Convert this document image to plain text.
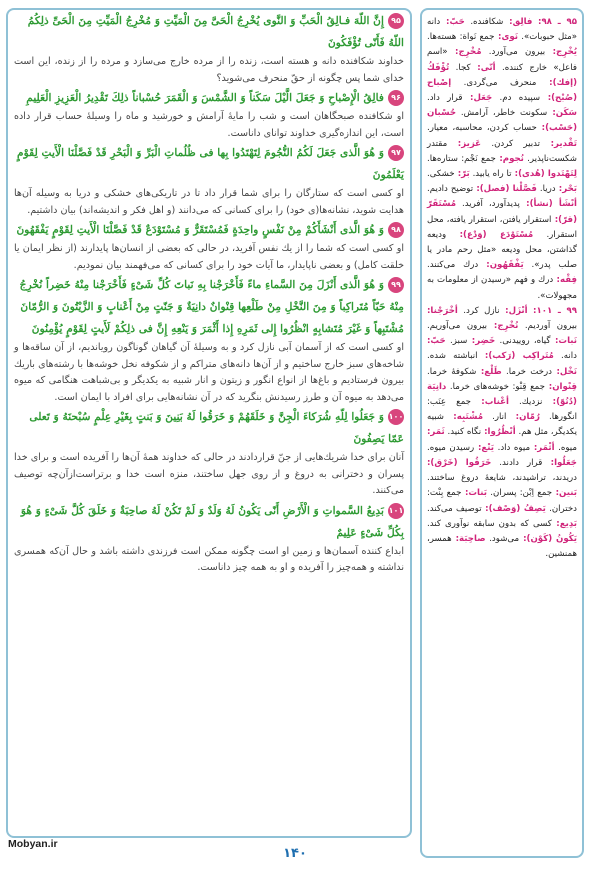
۹۵إِنَّ اللّهَ فـالِقُ الْحَبِّ وَ النَّوى يُخْرِجُ الْحَىَّ مِنَ الْمَيِّتِ وَ مُخْرِجُ الْمَيِّتِ مِنَ الْحَىِّ ذلِكُمُ اللّهُ فَأَنّى تُؤْفَكُونَ

خداوند شكافنده دانه و هسته است، زنده را از مرده خارج مى‌سازد و مرده را از زنده، اين است خداى شما پس چگونه از حقّ منحرف مى‌شويد؟

۹۶فالِقُ الْإِصْباحِ وَ جَعَلَ الَّيْلَ سَكَناً وَ الشَّمْسَ وَ الْقَمَرَ حُسْباناً ذلِكَ تَقْدِيرُ الْعَزِيزِ الْعَلِيمِ

او شكافنده صبحگاهان است و شب را مايهٔ آرامش و خورشيد و ماه را وسيلهٔ حساب قرار داده است، اين اندازه‌گيرى خداوند تواناى داناست.

۹۷وَ هُوَ الَّذى جَعَلَ لَكُمُ النُّجُومَ لِتَهْتَدُوا بِها فى ظُلُماتِ الْبَرِّ وَ الْبَحْرِ قَدْ فَصَّلْنَا الْأَيتِ لِقَوْمٍ يَعْلَمُونَ

او كسى است كه ستارگان را براى شما قرار داد تا در تاريكى‌هاى خشكى و دريا به وسيله آن‌ها هدايت شويد، نشانه‌ها(ى خود) را براى كسانى كه مى‌دانند (و اهل فكر و انديشه‌اند) بيان داشتيم.

۹۸وَ هُوَ الَّذى أَنْشَأَكُمْ مِنْ نَفْسٍ واحِدَةٍ فَمُسْتَقَرٌّ وَ مُسْتَوْدَعٌ قَدْ فَصَّلْنَا الْأَيتِ لِقَوْمٍ يَفْقَهُونَ

او كسى است كه شما را از يك نفس آفريد، در حالى كه بعضى از انسان‌ها پايدارند (از نظر ايمان يا خلقت كامل) و بعضى ناپايدار، ما آيات خود را براى كسانى كه مى‌فهمند بيان نموديم.

۹۹وَ هُوَ الَّذى أَنْزَلَ مِنَ السَّماءِ ماءً فَأَخْرَجْنا بِهِ نَباتَ كُلِّ شَىْءٍ فَأَخْرَجْنا مِنْهُ خَضِراً نُخْرِجُ مِنْهُ حَبّاً مُتَراكِباً وَ مِنَ النَّخْلِ مِنْ طَلْعِها قِنْوانٌ دانِيَةٌ وَ جَنّتٍ مِنْ أَعْنابٍ وَ الزَّيْتُونَ وَ الرُّمّانَ مُشْتَبِهاً وَ غَيْرَ مُتَشابِهٍ انْظُرُوا إِلى ثَمَرِهِ إِذا أَثْمَرَ وَ يَنْعِهِ إِنَّ فى ذلِكُمْ لَأَيتٍ لِقَوْمٍ يُؤْمِنُونَ

او كسى است كه از آسمان آبى نازل كرد و به وسيلهٔ آن گياهان گوناگون روياندیم، از آن ساقه‌ها و شاخه‌هاى سبز خارج ساختیم و از آن‌ها دانه‌هاى متراكم و از شكوفه نخل خوشه‌ها با رشته‌هاى باريك بيرون فرستاديم و باغ‌ها از انواع انگور و زيتون و انار شبيه به يكديگر و بى‌شباهت هنگامى كه ميوه مى‌دهد به ميوه آن و طرز رسيدنش بنگريد كه در آن نشانه‌هايى براى افراد با ايمان است.

۱۰۰وَ جَعَلُوا لِلّهِ شُرَكاءَ الْجِنَّ وَ خَلَقَهُمْ وَ خَرَقُوا لَهُ بَنِينَ وَ بَنتٍ بِغَيْرِ عِلْمٍ سُبْحنَهُ وَ تَعلى عَمّا يَصِفُونَ

آنان براى خدا شريك‌هايى از جنّ قراردادند در حالى كه خداوند همهٔ آن‌ها را آفريده است و براى خدا پسران و دخترانى به دروغ و از روى جهل ساختند، منزه است خدا و برتراست‌از‌آن‌چه توصيف مى‌كنند.

۱۰۱بَدِيعُ السَّمواتِ وَ الْأَرْضِ أَنّى يَكُونُ لَهُ وَلَدٌ وَ لَمْ تَكُنْ لَهُ صاحِبَةٌ وَ خَلَقَ كُلَّ شَىْءٍ وَ هُوَ بِكُلِّ شَىْءٍ عَلِيمٌ

ابداع كننده آسمان‌ها و زمين او است چگونه ممكن است فرزندى داشته باشد و حال آن‌كه همسرى نداشته و همه‌چيز را آفريده و او به همه چيز داناست.

۹۵ ـ ۹۸: فالِق: شكافنده. حَبّ: دانه «مثل حبوبات». نَوى: جمع نَواة: هسته‌ها. يُخْرِج: بيرون مى‌آورد. مُخْرِج: «اسم فاعل» خارج كننده. أنّى: كجا. تُؤْفَكُ (إفك): منحرف مى‌گردى. إصْباح (صُبْح): سپيده دم. جَعَل: قرار داد. سَكَن: سكونت خاطر، آرامش. حُسْبان (حَسْب): حساب كردن، محاسبه، معيار. تَقْدير: تدبير كردن. عَزيز: مقتدر شكست‌ناپذير. نُجوم: جمع نَجْم: ستاره‌ها. لِتَهْتَدوا (هُدى): تا راه يابيد. بَرّ: خشكى. بَحْر: دريا. فَصَّلْنا (فصل): توضيح داديم. أنْشَأ (نشأ): پديدآورد، آفريد. مُسْتَقَرّ (قرّ): استقرار يافتن، استقرار يافته، محل استقرار. مُسْتَوْدَع (وَدْع): وديعه گذاشتن، محل وديعه «مثل رحم مادر يا صلب پدر». يَفْقَهُون: درك مى‌كنند. فِقْه: درك و فهم «رسيدن از معلومات به مجهولات».

۹۹ ـ ۱۰۱: أنْزَل: نازل كرد. أخْرَجْنا: بيرون آورديم. نُخْرِج: بيرون مى‌آوريم. نَبات: گياه، روييدنى. خَضِر: سبز. حَبّ: دانه. مُتَراكِب (رَكب): انباشته شده. نَخْل: درخت خرما. طَلْع: شكوفهٔ خرما. قِنْوان: جمع قِنْو: خوشه‌هاى خرما. دانِيَة (دُنُوّ): نزديك. أعْناب: جمع عِنَب: انگورها. رُمّان: انار. مُشْتَبِه: شبيه يكديگر، مثل هم. أنْظُرُوا: نگاه كنيد. ثَمَر: ميوه. أثْمَر: ميوه داد. يَنْع: رسيدن ميوه. جَعَلُوا: قرار دادند. خَرَقُوا (خَرْق): دريدند، تراشيدند، شايعهٔ دروغ ساختند. بَنين: جمع اِبْن: پسران. بَنات: جمع بِنْت: دختران. يَصِفُ (وَصْف): توصيف مى‌كند. بَدِيع: كسى كه بدون سابقه نوآورى كند. يَكُونُ (كَوْن): مى‌شود. صاحِبَة: همسر، همنشين.

Mobyan.ir
۱۴۰
